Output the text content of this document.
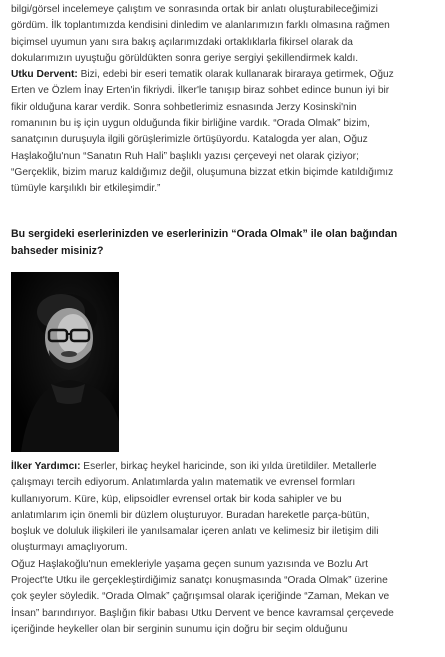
bilgi/görsel incelemeye çalıştım ve sonrasında ortak bir anlatı oluşturabileceğimizi
gördüm. İlk toplantımızda kendisini dinledim ve alanlarımızın farklı olmasına rağmen
biçimsel uyumun yanı sıra bakış açılarımızdaki ortaklıklarla fikirsel olarak da
dokularımızın uyuştuğu görüldükten sonra geriye sergiyi şekillendirmek kaldı.
Utku Dervent: Bizi, edebi bir eseri tematik olarak kullanarak biraraya getirmek, Oğuz
Erten ve Özlem İnay Erten'in fikriydi. İlker'le tanışıp biraz sohbet edince bunun iyi bir
fikir olduğuna karar verdik. Sonra sohbetlerimiz esnasında Jerzy Kosinski'nin
romanının bu iş için uygun olduğunda fikir birliğine vardık. “Orada Olmak” bizim,
sanatçının duruşuyla ilgili görüşlerimizle örtüşüyordu. Katalogda yer alan, Oğuz
Haşlakoğlu'nun “Sanatın Ruh Hali” başlıklı yazısı çerçeveyi net olarak çiziyor;
“Gerçeklik, bizim maruz kaldığımız değil, oluşumuna bizzat etkin biçimde katıldığımız
tümüyle karşılıklı bir etkileşimdir.”
Bu sergideki eserlerinizden ve eserlerinizin “Orada Olmak” ile olan bağından
bahseder misiniz?
İlker Yardımcı: Eserler, birkaç heykel haricinde, son iki yılda üretildiler. Metallerle
çalışmayı tercih ediyorum. Anlatımlarda yalın matematik ve evrensel formları
kullanıyorum. Küre, küp, elipsoidler evrensel ortak bir koda sahipler ve bu
anlatımlarım için önemli bir düzlem oluşturuyor. Buradan hareketle parça-bütün,
boşluk ve doluluk ilişkileri ile yanılsamalar içeren anlatı ve kelimesiz bir iletişim dili
oluşturmayı amaçlıyorum.
Oğuz Haşlakoğlu'nun emekleriyle yaşama geçen sunum yazısında ve Bozlu Art
Project'te Utku ile gerçekleştirdiğimiz sanatçı konuşmasında “Orada Olmak” üzerine
çok şeyler söyledik. “Orada Olmak” çağrışımsal olarak içeriğinde “Zaman, Mekan ve
İnsan” barındırıyor. Başlığın fikir babası Utku Dervent ve bence kavramsal çerçevede
içeriğinde heykeller olan bir serginin sunumu için doğru bir seçim olduğunu
